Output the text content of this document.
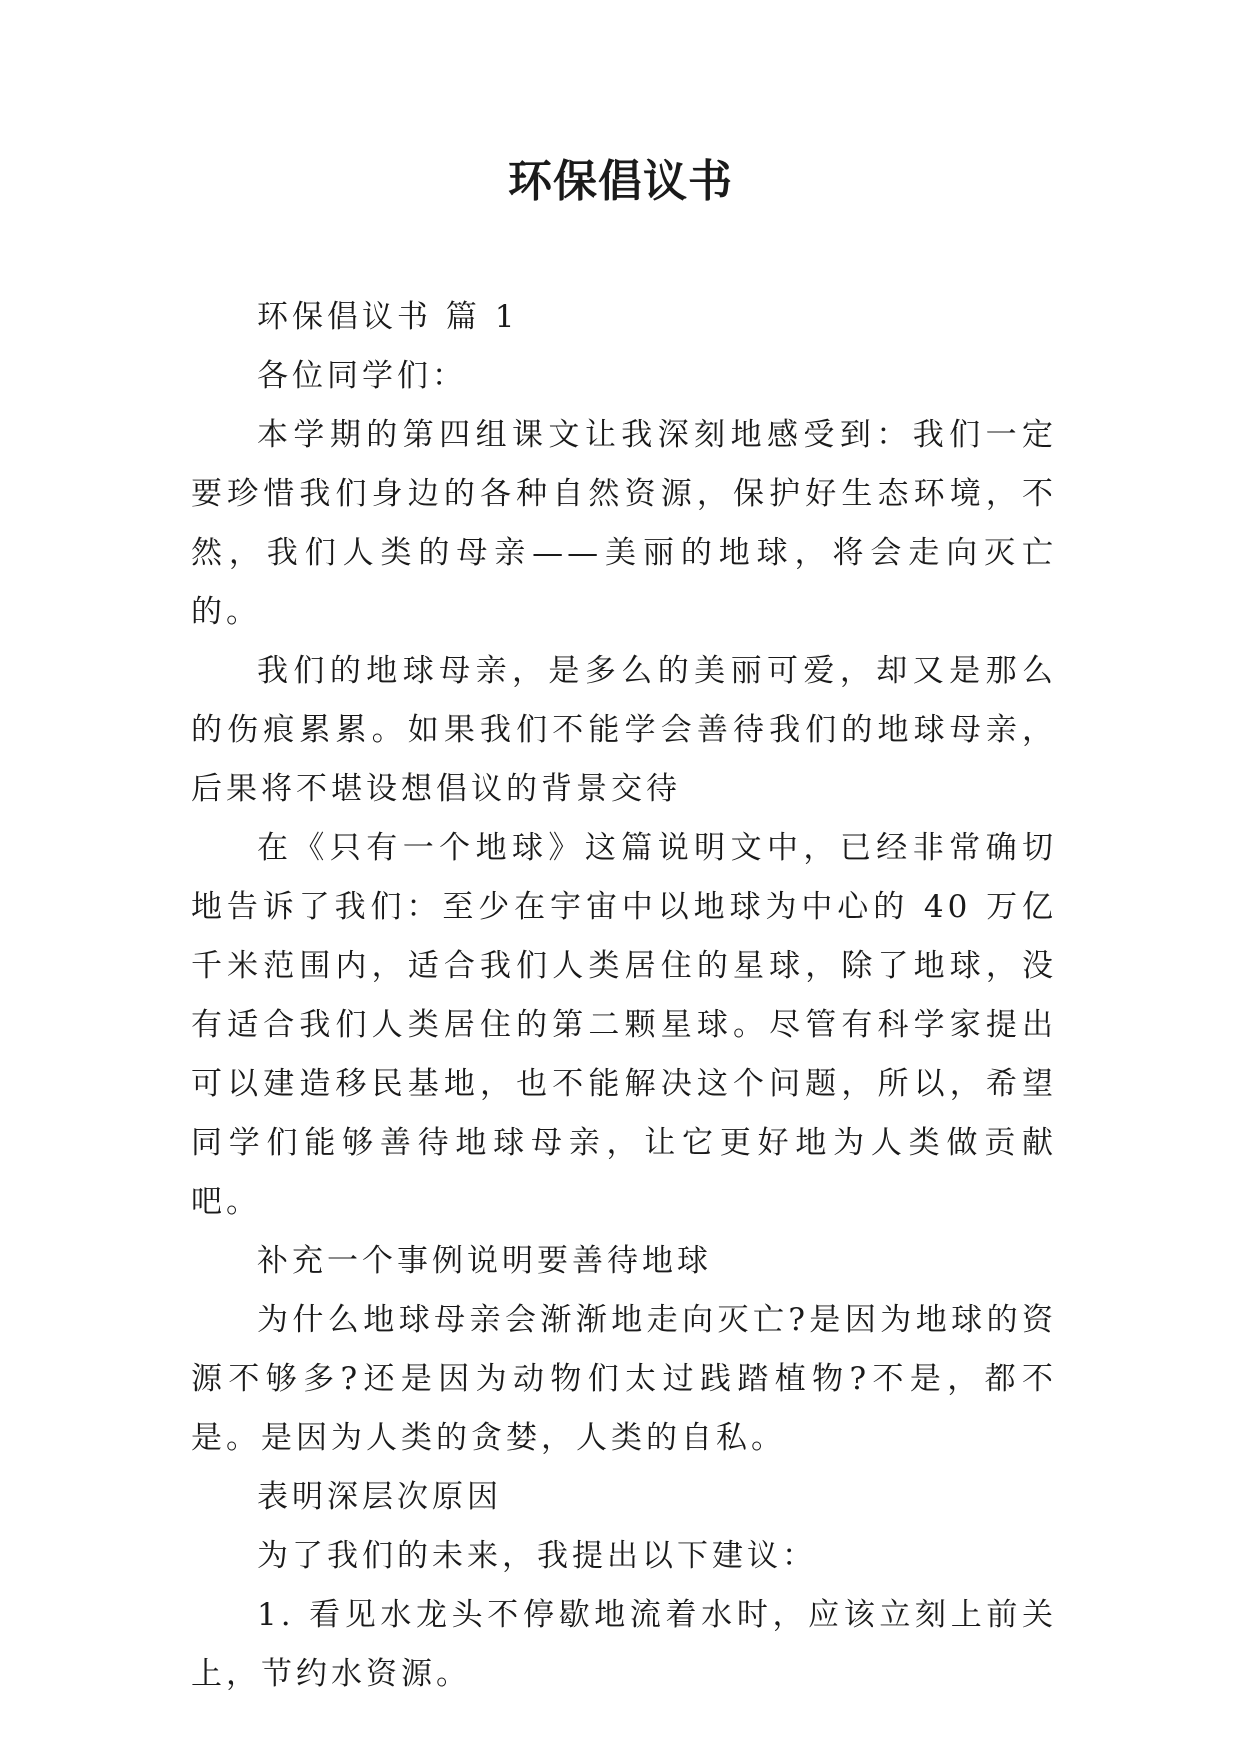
环保倡议书

环保倡议书 篇 1

各位同学们：

本学期的第四组课文让我深刻地感受到：我们一定要珍惜我们身边的各种自然资源，保护好生态环境，不然，我们人类的母亲——美丽的地球，将会走向灭亡的。

我们的地球母亲，是多么的美丽可爱，却又是那么的伤痕累累。如果我们不能学会善待我们的地球母亲，后果将不堪设想倡议的背景交待

在《只有一个地球》这篇说明文中，已经非常确切地告诉了我们：至少在宇宙中以地球为中心的 40 万亿千米范围内，适合我们人类居住的星球，除了地球，没有适合我们人类居住的第二颗星球。尽管有科学家提出可以建造移民基地，也不能解决这个问题，所以，希望同学们能够善待地球母亲，让它更好地为人类做贡献吧。

补充一个事例说明要善待地球

为什么地球母亲会渐渐地走向灭亡?是因为地球的资源不够多?还是因为动物们太过践踏植物?不是，都不是。是因为人类的贪婪，人类的自私。

表明深层次原因

为了我们的未来，我提出以下建议：

1. 看见水龙头不停歇地流着水时，应该立刻上前关上，节约水资源。
